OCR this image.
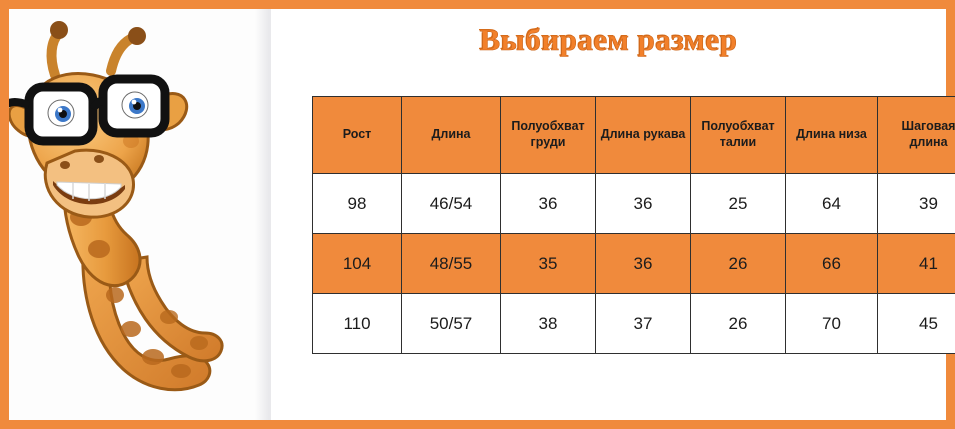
Выбираем размер
Рост	Длина	Полуобхват груди	Длина рукава	Полуобхват талии	Длина низа	Шаговая длина
98	46/54	36	36	25	64	39
104	48/55	35	36	26	66	41
110	50/57	38	37	26	70	45
